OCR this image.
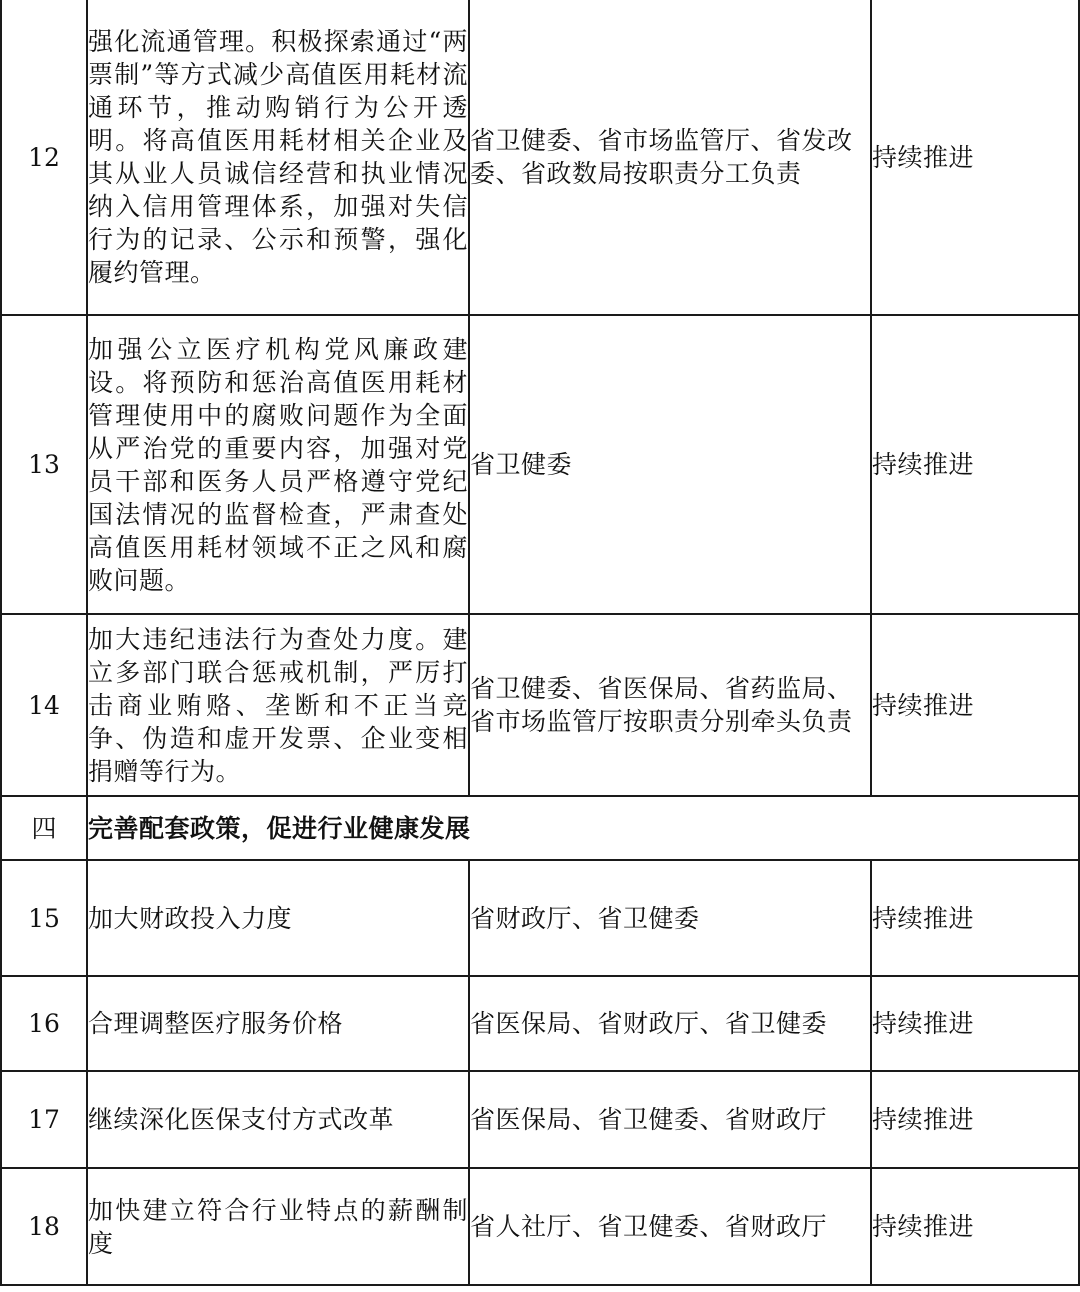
12	强化流通管理。积极探索通过“两票制”等方式减少高值医用耗材流通环节，推动购销行为公开透明。将高值医用耗材相关企业及其从业人员诚信经营和执业情况纳入信用管理体系，加强对失信行为的记录、公示和预警，强化履约管理。	省卫健委、省市场监管厅、省发改委、省政数局按职责分工负责	持续推进
13	加强公立医疗机构党风廉政建设。将预防和惩治高值医用耗材管理使用中的腐败问题作为全面从严治党的重要内容，加强对党员干部和医务人员严格遵守党纪国法情况的监督检查，严肃查处高值医用耗材领域不正之风和腐败问题。	省卫健委	持续推进
14	加大违纪违法行为查处力度。建立多部门联合惩戒机制，严厉打击商业贿赂、垄断和不正当竞争、伪造和虚开发票、企业变相捐赠等行为。	省卫健委、省医保局、省药监局、省市场监管厅按职责分别牵头负责	持续推进
四	完善配套政策，促进行业健康发展		
15	加大财政投入力度	省财政厅、省卫健委	持续推进
16	合理调整医疗服务价格	省医保局、省财政厅、省卫健委	持续推进
17	继续深化医保支付方式改革	省医保局、省卫健委、省财政厅	持续推进
18	加快建立符合行业特点的薪酬制度	省人社厅、省卫健委、省财政厅	持续推进
